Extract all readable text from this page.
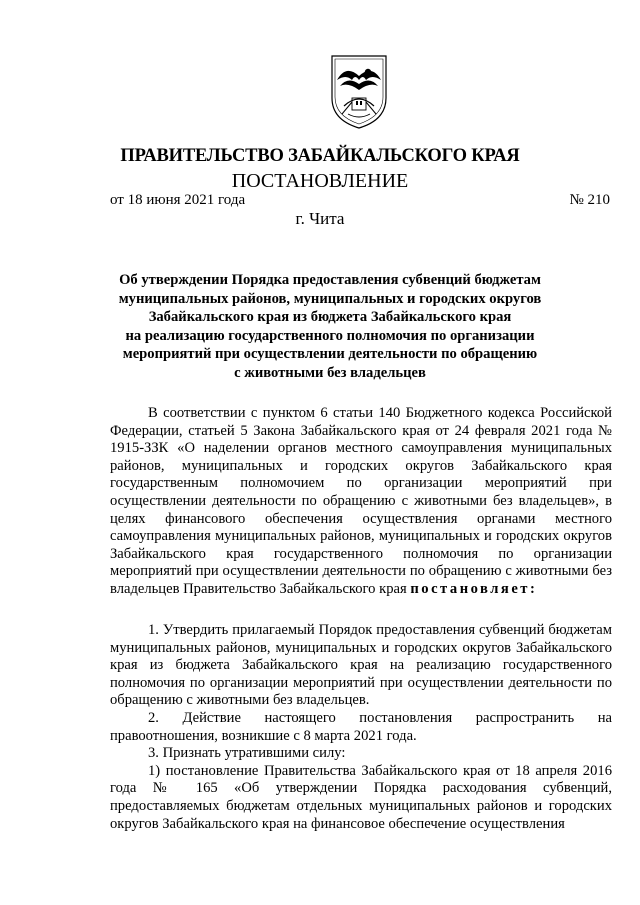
ПРАВИТЕЛЬСТВО ЗАБАЙКАЛЬСКОГО КРАЯ
ПОСТАНОВЛЕНИЕ
от 18 июня 2021 года	№ 210
г. Чита
Об утверждении Порядка предоставления субвенций бюджетам
муниципальных районов, муниципальных и городских округов
Забайкальского края из бюджета Забайкальского края
на реализацию государственного полномочия по организации
мероприятий при осуществлении деятельности по обращению
с животными без владельцев

В соответствии с пунктом 6 статьи 140 Бюджетного кодекса Российской Федерации, статьей 5 Закона Забайкальского края от 24 февраля 2021 года № 1915-ЗЗК «О наделении органов местного самоуправления муниципальных районов, муниципальных и городских округов Забайкальского края государственным полномочием по организации мероприятий при осуществлении деятельности по обращению с животными без владельцев», в целях финансового обеспечения осуществления органами местного самоуправления муниципальных районов, муниципальных и городских округов Забайкальского края государственного полномочия по организации мероприятий при осуществлении деятельности по обращению с животными без владельцев Правительство Забайкальского края постановляет:

1. Утвердить прилагаемый Порядок предоставления субвенций бюджетам муниципальных районов, муниципальных и городских округов Забайкальского края из бюджета Забайкальского края на реализацию государственного полномочия по организации мероприятий при осуществлении деятельности по обращению с животными без владельцев.

2. Действие настоящего постановления распространить на правоотношения, возникшие с 8 марта 2021 года.

3. Признать утратившими силу:

1) постановление Правительства Забайкальского края от 18 апреля 2016 года № 165 «Об утверждении Порядка расходования субвенций, предоставляемых бюджетам отдельных муниципальных районов и городских округов Забайкальского края на финансовое обеспечение осуществления
